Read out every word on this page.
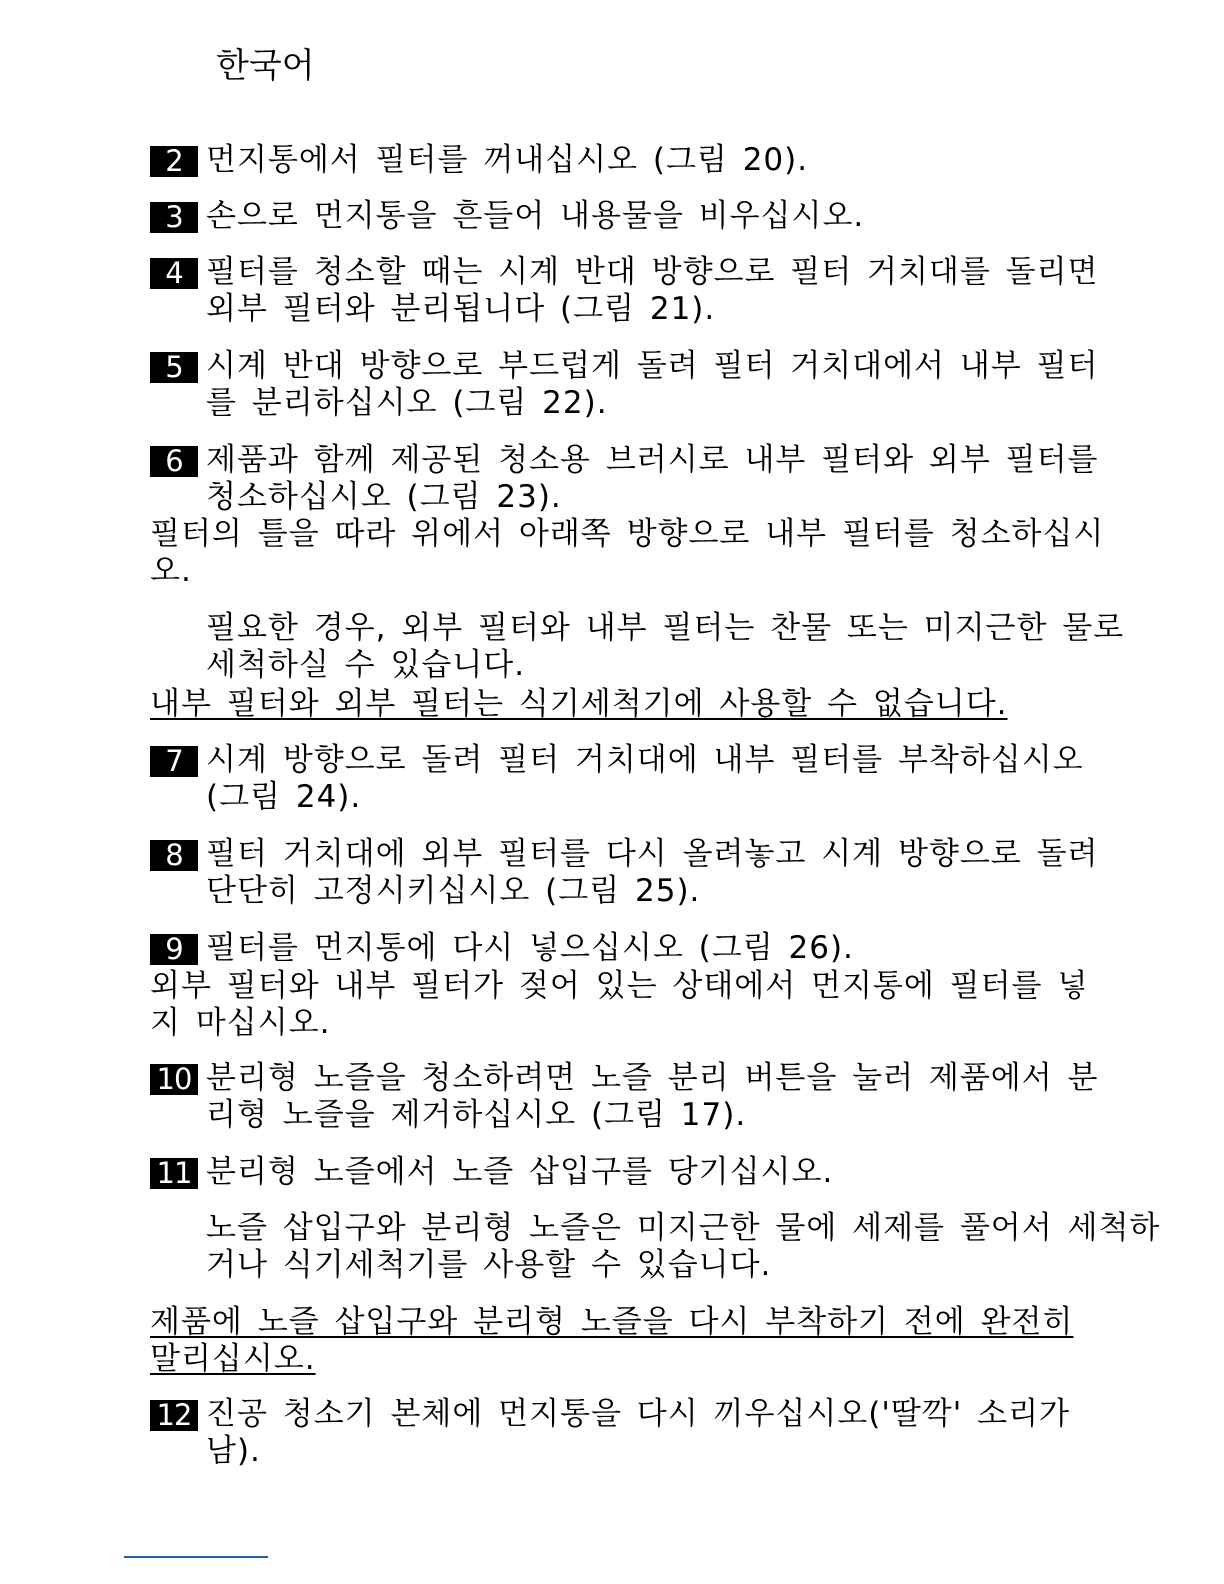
한국어
2 먼지통에서 필터를 꺼내십시오 (그림 20).
3 손으로 먼지통을 흔들어 내용물을 비우십시오.
4 필터를 청소할 때는 시계 반대 방향으로 필터 거치대를 돌리면 외부 필터와 분리됩니다 (그림 21).
5 시계 반대 방향으로 부드럽게 돌려 필터 거치대에서 내부 필터를 분리하십시오 (그림 22).
6 제품과 함께 제공된 청소용 브러시로 내부 필터와 외부 필터를 청소하십시오 (그림 23).
필터의 틀을 따라 위에서 아래쪽 방향으로 내부 필터를 청소하십시오.
필요한 경우, 외부 필터와 내부 필터는 찬물 또는 미지근한 물로 세척하실 수 있습니다.
내부 필터와 외부 필터는 식기세척기에 사용할 수 없습니다.
7 시계 방향으로 돌려 필터 거치대에 내부 필터를 부착하십시오 (그림 24).
8 필터 거치대에 외부 필터를 다시 올려놓고 시계 방향으로 돌려 단단히 고정시키십시오 (그림 25).
9 필터를 먼지통에 다시 넣으십시오 (그림 26).
외부 필터와 내부 필터가 젖어 있는 상태에서 먼지통에 필터를 넣지 마십시오.
10 분리형 노즐을 청소하려면 노즐 분리 버튼을 눌러 제품에서 분리형 노즐을 제거하십시오 (그림 17).
11 분리형 노즐에서 노즐 삽입구를 당기십시오.
노즐 삽입구와 분리형 노즐은 미지근한 물에 세제를 풀어서 세척하거나 식기세척기를 사용할 수 있습니다.
제품에 노즐 삽입구와 분리형 노즐을 다시 부착하기 전에 완전히 말리십시오.
12 진공 청소기 본체에 먼지통을 다시 끼우십시오('딸깍' 소리가 남).
